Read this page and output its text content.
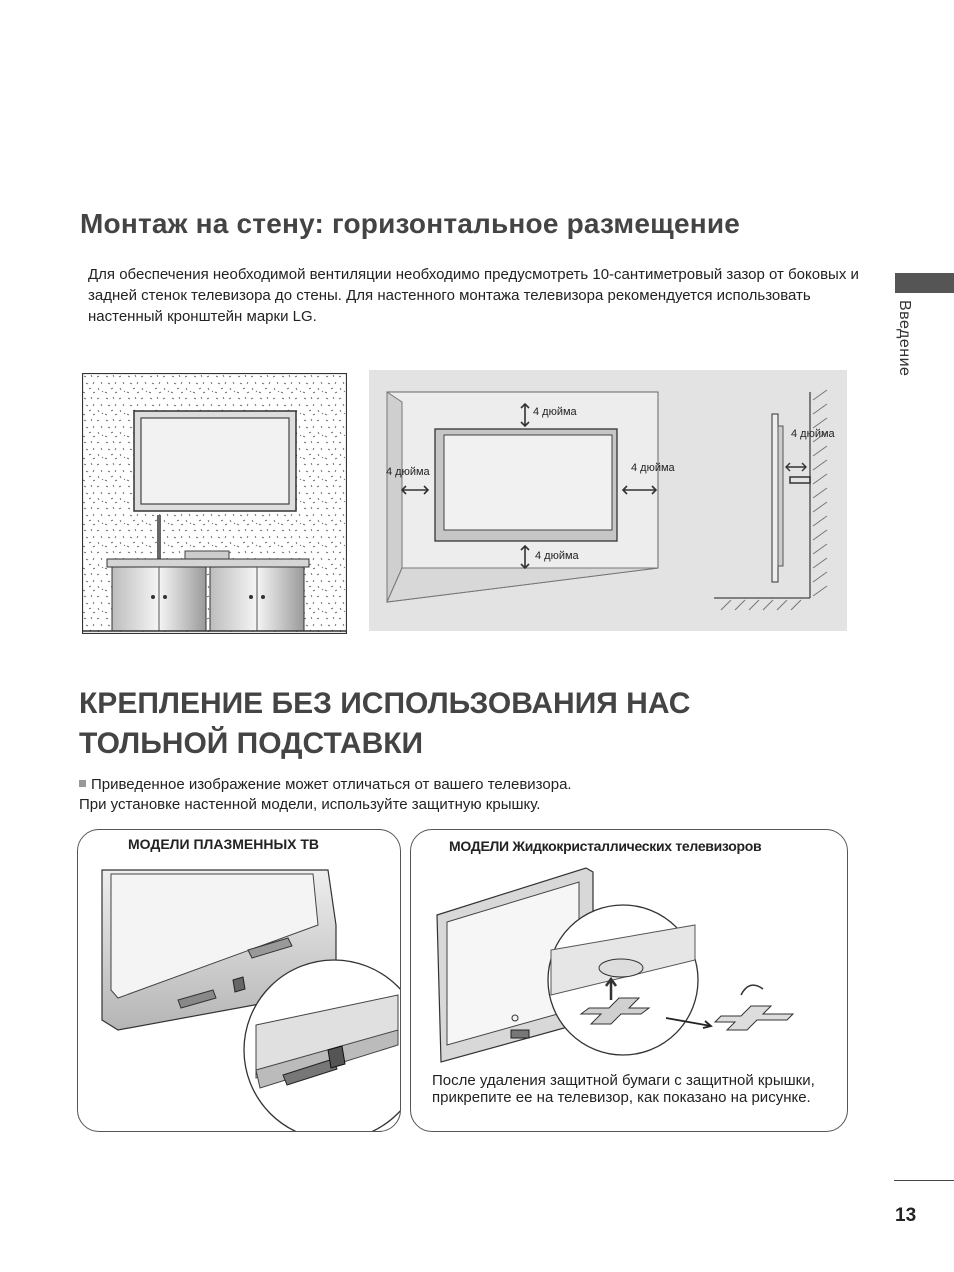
Монтаж на стену: горизонтальное размещение
Для обеспечения необходимой вентиляции необходимо предусмотреть 10-сантиметровый зазор от боковых и задней стенок телевизора до стены. Для настенного монтажа телевизора рекомендуется использовать настенный кронштейн марки LG.	Введение
4 дюйма
4 дюйма	4 дюйма
4 дюйма
4 дюйма
КРЕПЛЕНИЕ БЕЗ ИСПОЛЬЗОВАНИЯ НАС ТОЛЬНОЙ ПОДСТАВКИ
Приведенное изображение может отличаться от вашего телевизора.
При установке настенной модели, используйте защитную крышку.
МОДЕЛИ ПЛАЗМЕННЫХ ТВ	МОДЕЛИ Жидкокристаллических телевизоров
После удаления защитной бумаги с защитной крышки, прикрепите ее на телевизор, как показано на рисунке.
13
